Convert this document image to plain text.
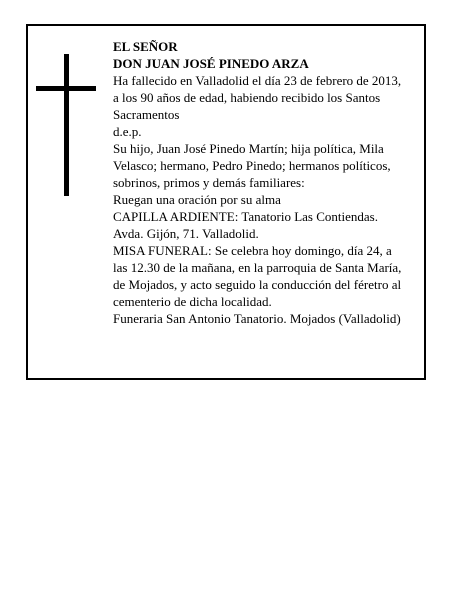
EL SEÑOR
DON JUAN JOSÉ PINEDO ARZA
Ha fallecido en Valladolid el día 23 de febrero de 2013,
a los 90 años de edad, habiendo recibido los Santos
Sacramentos
d.e.p.
Su hijo, Juan José Pinedo Martín; hija política, Mila
Velasco; hermano, Pedro Pinedo; hermanos políticos,
sobrinos, primos y demás familiares:
Ruegan una oración por su alma
CAPILLA ARDIENTE: Tanatorio Las Contiendas.
Avda. Gijón, 71. Valladolid.
MISA FUNERAL: Se celebra hoy domingo, día 24, a
las 12.30 de la mañana, en la parroquia de Santa María,
de Mojados, y acto seguido la conducción del féretro al
cementerio de dicha localidad.
Funeraria San Antonio Tanatorio. Mojados (Valladolid)
